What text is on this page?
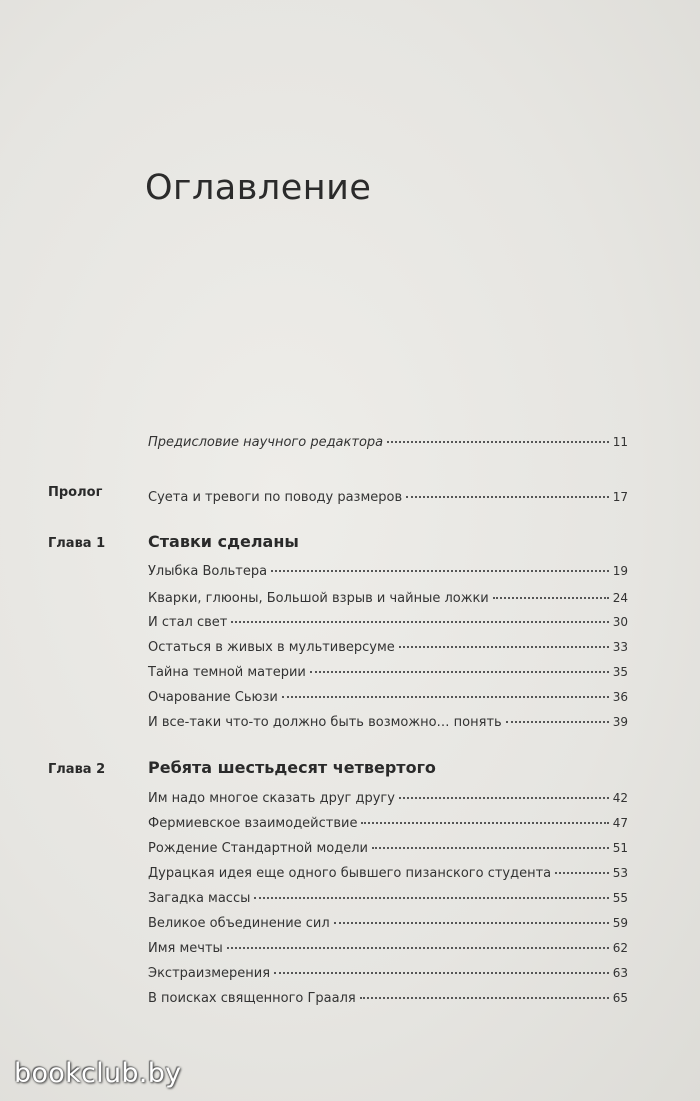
Оглавление
Предисловие научного редактора	11
Пролог	Суета и тревоги по поводу размеров	17
Глава 1	Ставки сделаны
Улыбка Вольтера	19
Кварки, глюоны, Большой взрыв и чайные ложки	24
И стал свет	30
Остаться в живых в мультиверсуме	33
Тайна темной материи	35
Очарование Сьюзи	36
И все-таки что-то должно быть возможно… понять	39
Глава 2	Ребята шестьдесят четвертого
Им надо многое сказать друг другу	42
Фермиевское взаимодействие	47
Рождение Стандартной модели	51
Дурацкая идея еще одного бывшего пизанского студента	53
Загадка массы	55
Великое объединение сил	59
Имя мечты	62
Экстраизмерения	63
В поисках священного Грааля	65
bookclub.by
